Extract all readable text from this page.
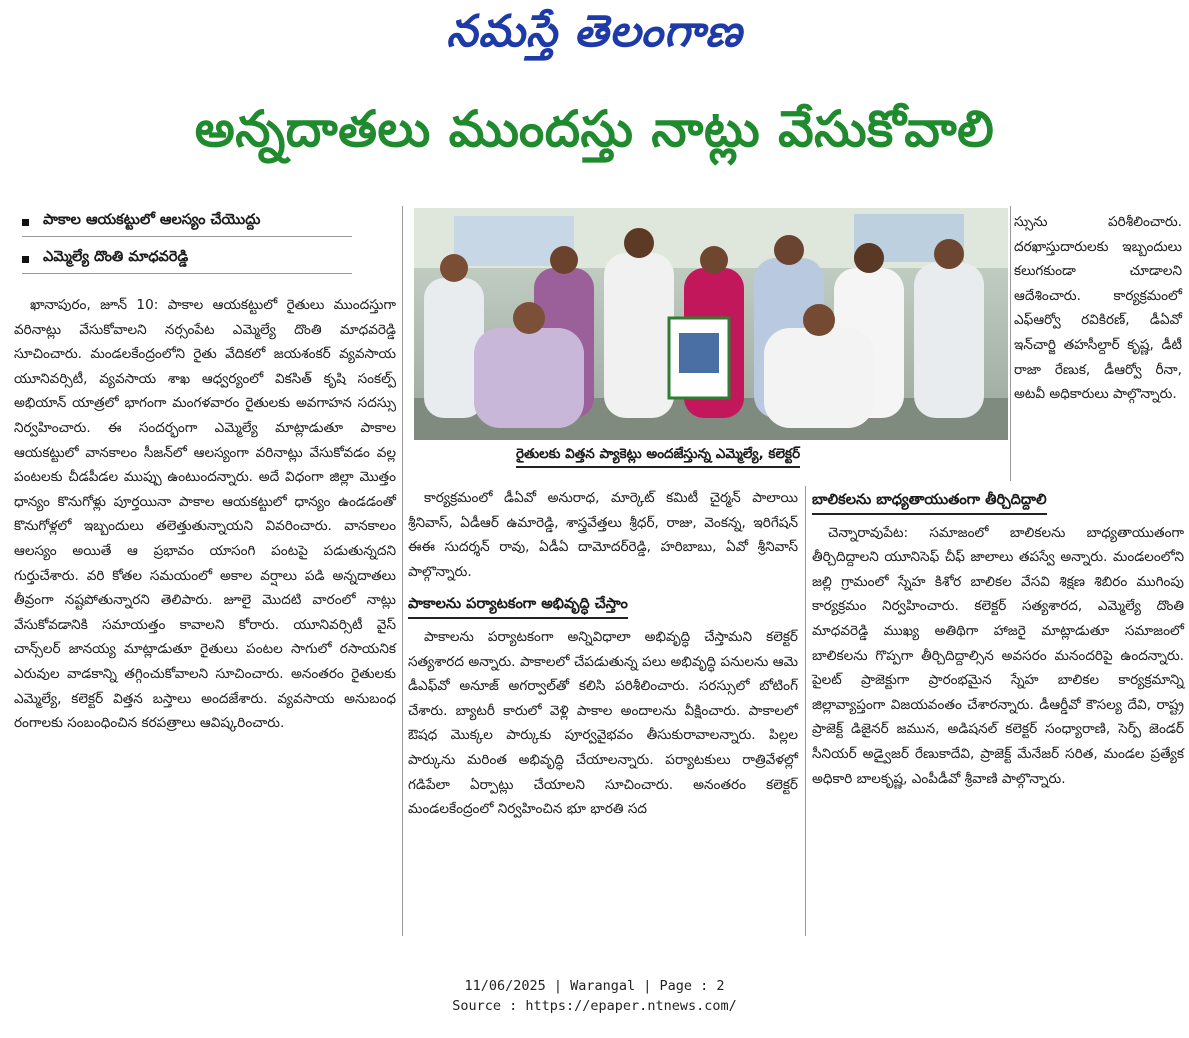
నమస్తే తెలంగాణ
అన్నదాతలు ముందస్తు నాట్లు వేసుకోవాలి
పాకాల ఆయకట్టులో ఆలస్యం చేయొద్దు
ఎమ్మెల్యే దొంతి మాధవరెడ్డి

ఖానాపురం, జూన్ 10: పాకాల ఆయకట్టులో రైతులు ముందస్తుగా వరినాట్లు వేసుకోవాలని నర్సంపేట ఎమ్మెల్యే దొంతి మాధవరెడ్డి సూచించారు. మండలకేంద్రంలోని రైతు వేదికలో జయశంకర్ వ్యవసాయ యూనివర్సిటీ, వ్యవసాయ శాఖ ఆధ్వర్యంలో వికసిత్ కృషి సంకల్ప్ అభియాన్ యాత్రలో భాగంగా మంగళవారం రైతులకు అవగాహన సదస్సు నిర్వహించారు. ఈ సందర్భంగా ఎమ్మెల్యే మాట్లాడుతూ పాకాల ఆయకట్టులో వానకాలం సీజన్‌లో ఆలస్యంగా వరినాట్లు వేసుకోవడం వల్ల పంటలకు చీడపీడల ముప్పు ఉంటుందన్నారు. అదే విధంగా జిల్లా మొత్తం ధాన్యం కొనుగోళ్లు పూర్తయినా పాకాల ఆయకట్టులో ధాన్యం ఉండడంతో కొనుగోళ్లలో ఇబ్బందులు తలెత్తుతున్నాయని వివరించారు. వానకాలం ఆలస్యం అయితే ఆ ప్రభావం యాసంగి పంటపై పడుతున్నదని గుర్తుచేశారు. వరి కోతల సమయంలో అకాల వర్షాలు పడి అన్నదాతలు తీవ్రంగా నష్టపోతున్నారని తెలిపారు. జూలై మొదటి వారంలో నాట్లు వేసుకోవడానికి సమాయత్తం కావాలని కోరారు. యూనివర్సిటీ వైస్ చాన్స్‌లర్ జానయ్య మాట్లాడుతూ రైతులు పంటల సాగులో రసాయనిక ఎరువుల వాడకాన్ని తగ్గించుకోవాలని సూచించారు. అనంతరం రైతులకు ఎమ్మెల్యే, కలెక్టర్ విత్తన బస్తాలు అందజేశారు. వ్యవసాయ అనుబంధ రంగాలకు సంబంధించిన కరపత్రాలు ఆవిష్కరించారు.

రైతులకు విత్తన ప్యాకెట్లు అందజేస్తున్న ఎమ్మెల్యే, కలెక్టర్
స్సును పరిశీలించారు. దరఖాస్తుదారులకు ఇబ్బందులు కలుగకుండా చూడాలని ఆదేశించారు. కార్యక్రమంలో ఎఫ్ఆర్వో రవికిరణ్, డీఏవో ఇన్‌చార్జి తహసీల్దార్ కృష్ణ, డీటీ రాజా రేణుక, డీఆర్వో రీనా, అటవీ అధికారులు పాల్గొన్నారు.

కార్యక్రమంలో డీఏవో అనురాధ, మార్కెట్ కమిటీ చైర్మన్ పాలాయి శ్రీనివాస్, ఏడీఆర్ ఉమారెడ్డి, శాస్త్రవేత్తలు శ్రీధర్, రాజు, వెంకన్న, ఇరిగేషన్ ఈఈ సుదర్శన్ రావు, ఏడీఏ దామోదర్‌రెడ్డి, హరిబాబు, ఏవో శ్రీనివాస్ పాల్గొన్నారు.

పాకాలను పర్యాటకంగా అభివృద్ధి చేస్తాం

పాకాలను పర్యాటకంగా అన్నివిధాలా అభివృద్ధి చేస్తామని కలెక్టర్ సత్యశారద అన్నారు. పాకాలలో చేపడుతున్న పలు అభివృద్ధి పనులను ఆమె డీఎఫ్‌వో అనూజ్ అగర్వాల్‌తో కలిసి పరిశీలించారు. సరస్సులో బోటింగ్ చేశారు. బ్యాటరీ కారులో వెళ్లి పాకాల అందాలను వీక్షించారు. పాకాలలో ఔషధ మొక్కల పార్కుకు పూర్వవైభవం తీసుకురావాలన్నారు. పిల్లల పార్కును మరింత అభివృద్ధి చేయాలన్నారు. పర్యాటకులు రాత్రివేళల్లో గడిపేలా ఏర్పాట్లు చేయాలని సూచించారు. అనంతరం కలెక్టర్ మండలకేంద్రంలో నిర్వహించిన భూ భారతి సద

బాలికలను బాధ్యతాయుతంగా తీర్చిదిద్దాలి

చెన్నారావుపేట: సమాజంలో బాలికలను బాధ్యతాయుతంగా తీర్చిదిద్దాలని యూనిసెఫ్ చీఫ్ జాలాలు తపస్వే అన్నారు. మండలంలోని జల్లి గ్రామంలో స్నేహ కిశోర బాలికల వేసవి శిక్షణ శిబిరం ముగింపు కార్యక్రమం నిర్వహించారు. కలెక్టర్ సత్యశారద, ఎమ్మెల్యే దొంతి మాధవరెడ్డి ముఖ్య అతిథిగా హాజరై మాట్లాడుతూ సమాజంలో బాలికలను గొప్పగా తీర్చిదిద్దాల్సిన అవసరం మనందరిపై ఉందన్నారు. పైలట్ ప్రాజెక్టుగా ప్రారంభమైన స్నేహ బాలికల కార్యక్రమాన్ని జిల్లావ్యాప్తంగా విజయవంతం చేశారన్నారు. డీఆర్డీవో కౌసల్య దేవి, రాష్ట్ర ప్రాజెక్ట్ డిజైనర్ జమున, అడిషనల్ కలెక్టర్ సంధ్యారాణి, సెర్ప్ జెండర్ సీనియర్ అడ్వైజర్ రేణుకాదేవి, ప్రాజెక్ట్ మేనేజర్ సరిత, మండల ప్రత్యేక అధికారి బాలకృష్ణ, ఎంపీడీవో శ్రీవాణి పాల్గొన్నారు.

11/06/2025 | Warangal | Page : 2
Source : https://epaper.ntnews.com/
